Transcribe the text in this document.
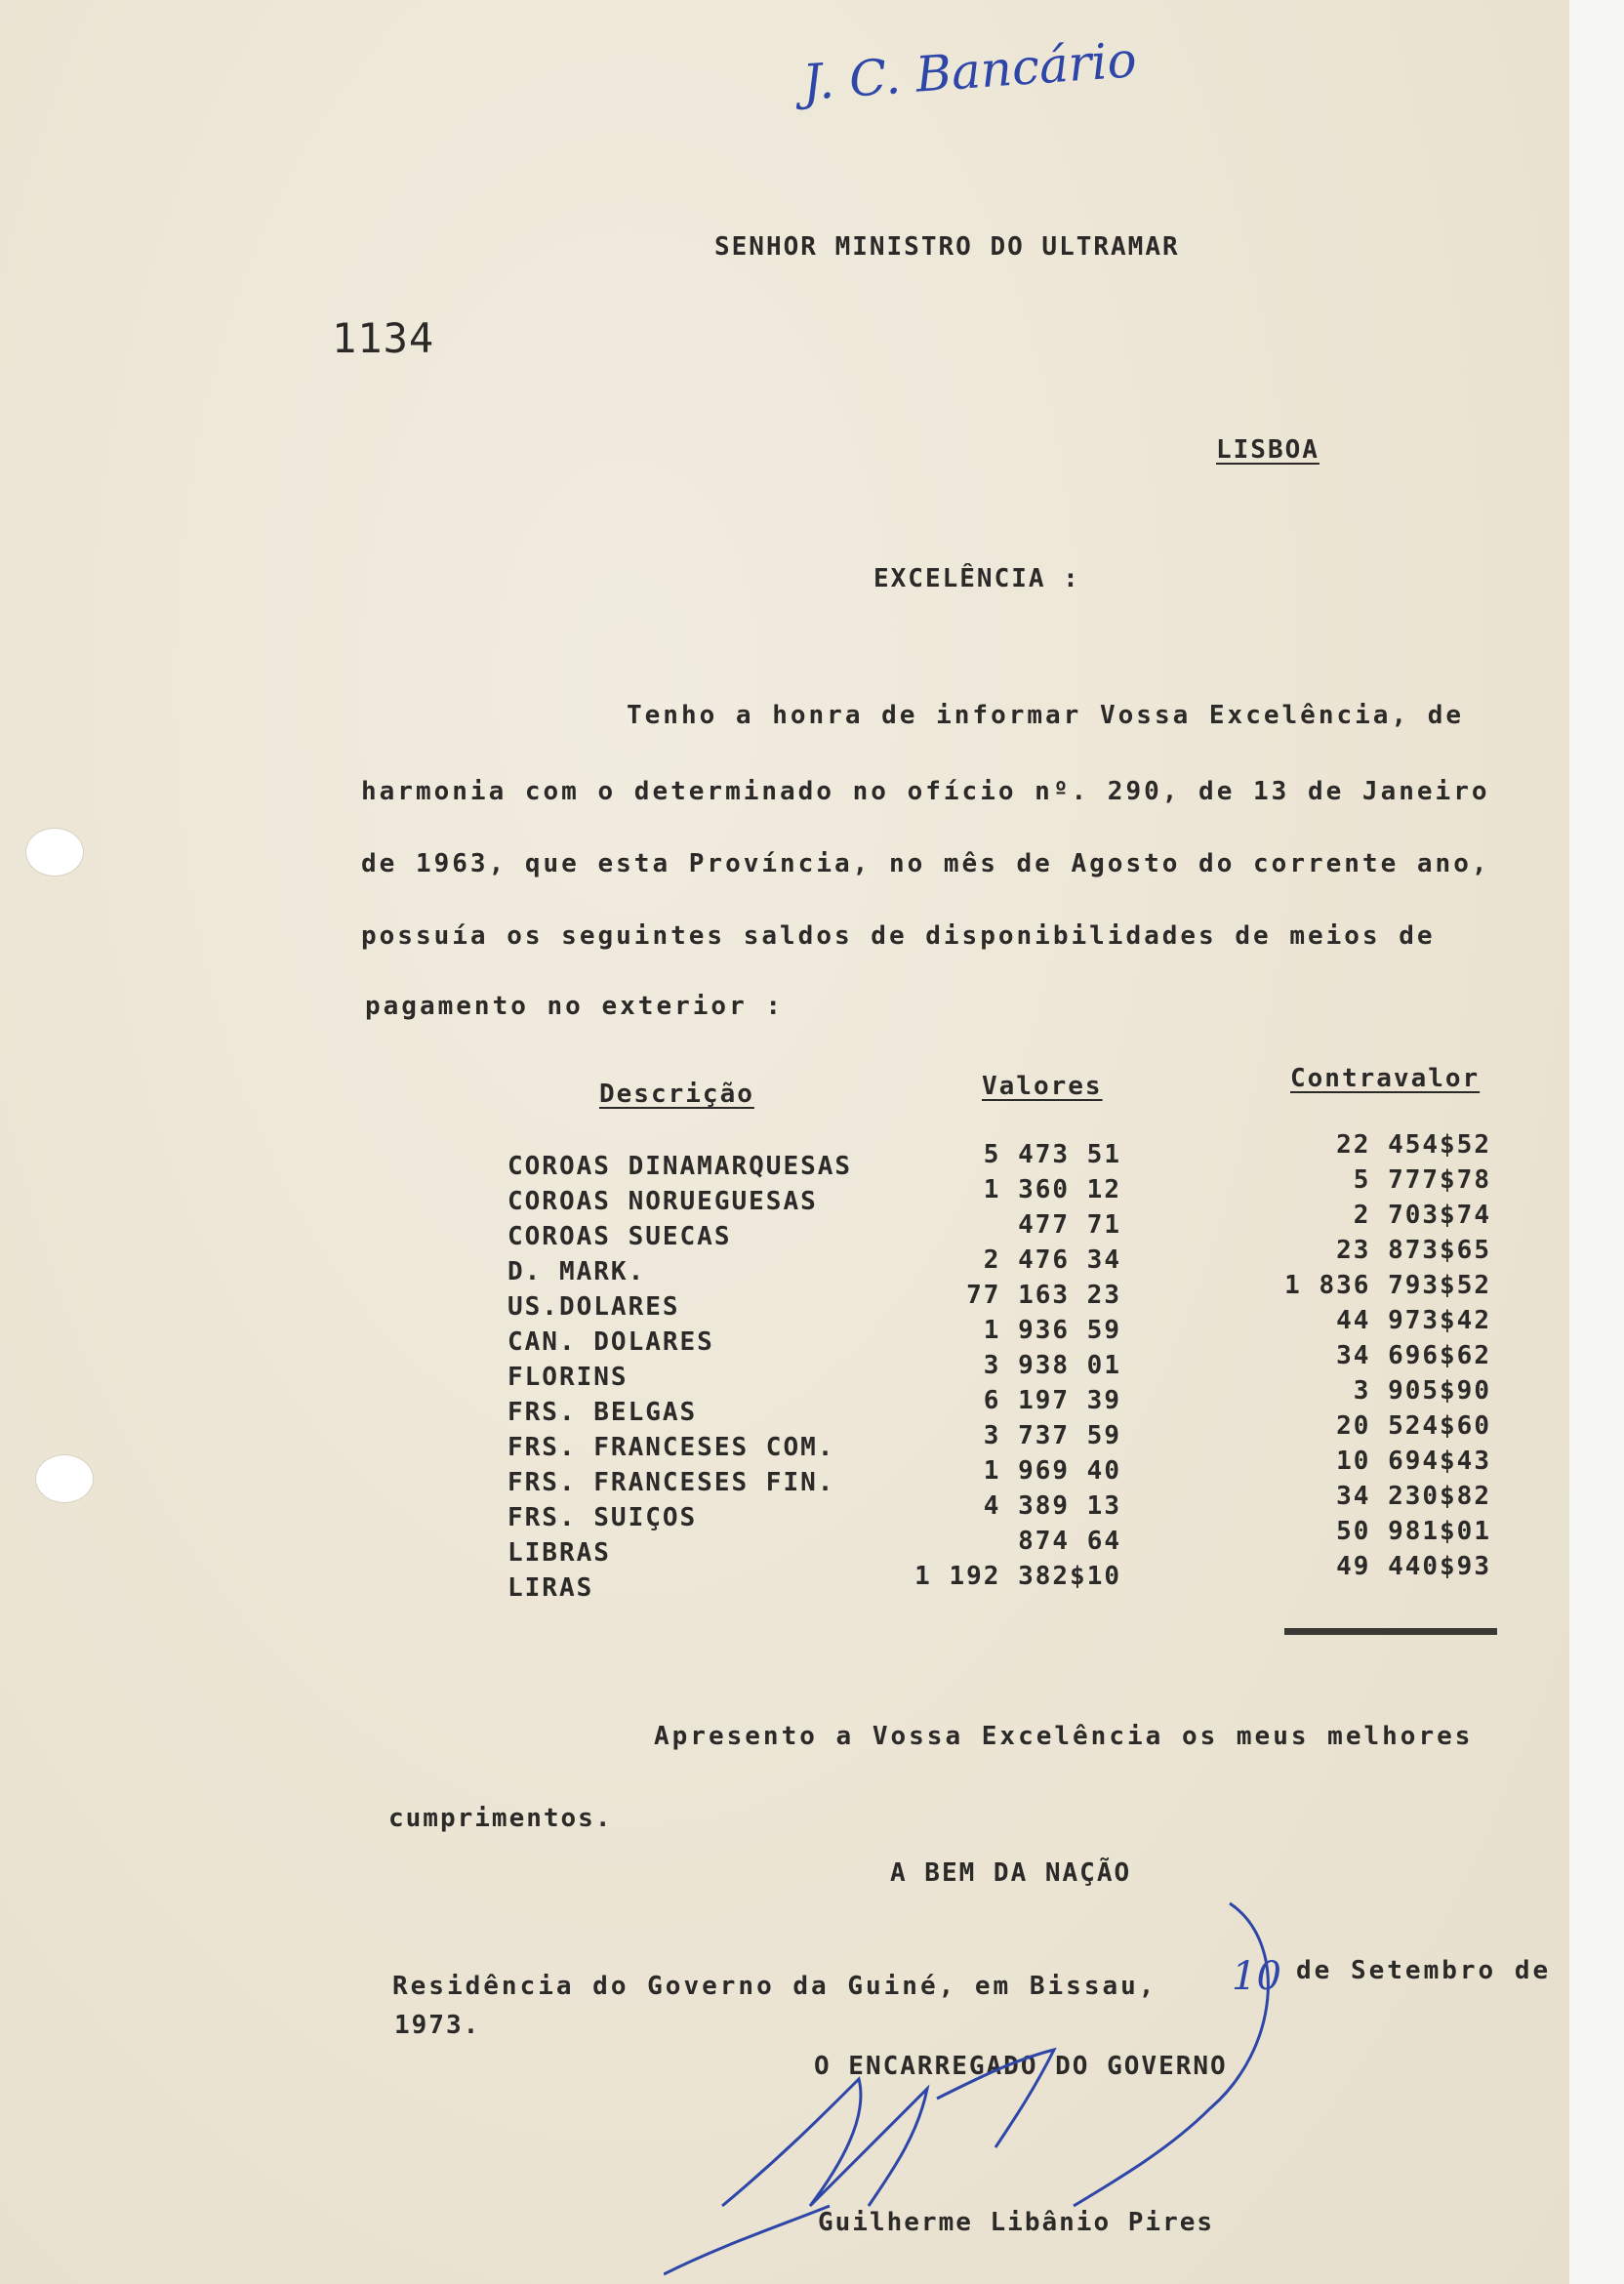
J. C. Bancário
SENHOR MINISTRO DO ULTRAMAR
1134
LISBOA
EXCELÊNCIA :
Tenho a honra de informar Vossa Excelência, de
harmonia com o determinado no ofício nº. 290, de 13 de Janeiro
de 1963, que esta Província, no mês de Agosto do corrente ano,
possuía os seguintes saldos de disponibilidades de meios de
pagamento no exterior :
Descrição	Valores	Contravalor
COROAS DINAMARQUESAS	5 473 51	22 454$52
COROAS NORUEGUESAS	1 360 12	5 777$78
COROAS SUECAS	477 71	2 703$74
D. MARK.	2 476 34	23 873$65
US.DOLARES	77 163 23	1 836 793$52
CAN. DOLARES	1 936 59	44 973$42
FLORINS	3 938 01	34 696$62
FRS. BELGAS	6 197 39	3 905$90
FRS. FRANCESES COM.	3 737 59	20 524$60
FRS. FRANCESES FIN.	1 969 40	10 694$43
FRS. SUIÇOS	4 389 13	34 230$82
LIBRAS	874 64	50 981$01
LIRAS	1 192 382$10	49 440$93
Apresento a Vossa Excelência os meus melhores
cumprimentos.
A BEM DA NAÇÃO
Residência do Governo da Guiné, em Bissau, 10 de Setembro de
1973.
O ENCARREGADO DO GOVERNO
Guilherme Libânio Pires
